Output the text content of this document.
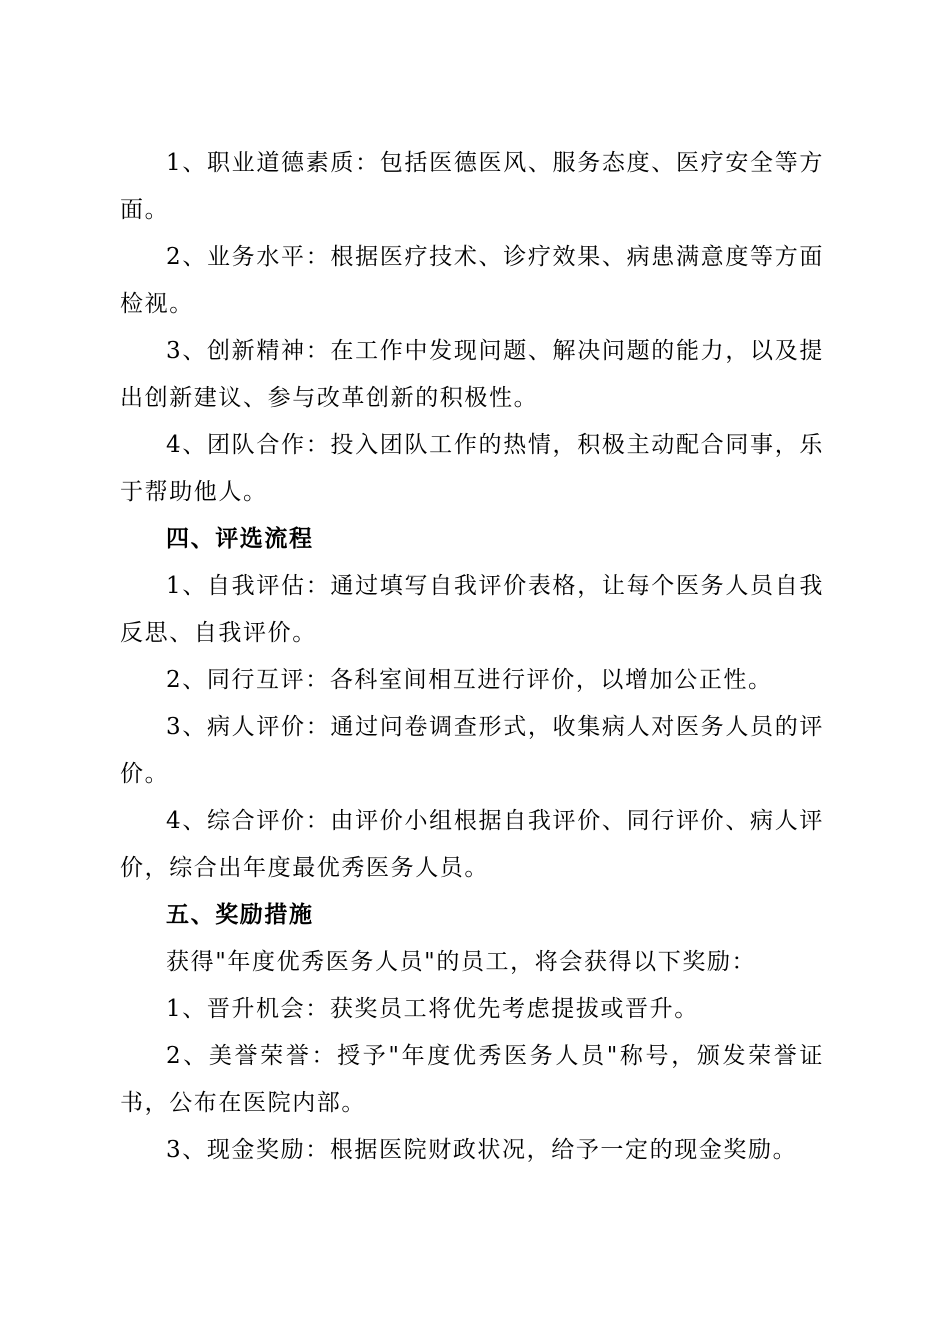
1、职业道德素质：包括医德医风、服务态度、医疗安全等方面。

2、业务水平：根据医疗技术、诊疗效果、病患满意度等方面检视。

3、创新精神：在工作中发现问题、解决问题的能力，以及提出创新建议、参与改革创新的积极性。

4、团队合作：投入团队工作的热情，积极主动配合同事，乐于帮助他人。

四、评选流程

1、自我评估：通过填写自我评价表格，让每个医务人员自我反思、自我评价。

2、同行互评：各科室间相互进行评价，以增加公正性。

3、病人评价：通过问卷调查形式，收集病人对医务人员的评价。

4、综合评价：由评价小组根据自我评价、同行评价、病人评价，综合出年度最优秀医务人员。

五、奖励措施

获得"年度优秀医务人员"的员工，将会获得以下奖励：

1、晋升机会：获奖员工将优先考虑提拔或晋升。

2、美誉荣誉：授予"年度优秀医务人员"称号，颁发荣誉证书，公布在医院内部。

3、现金奖励：根据医院财政状况，给予一定的现金奖励。
